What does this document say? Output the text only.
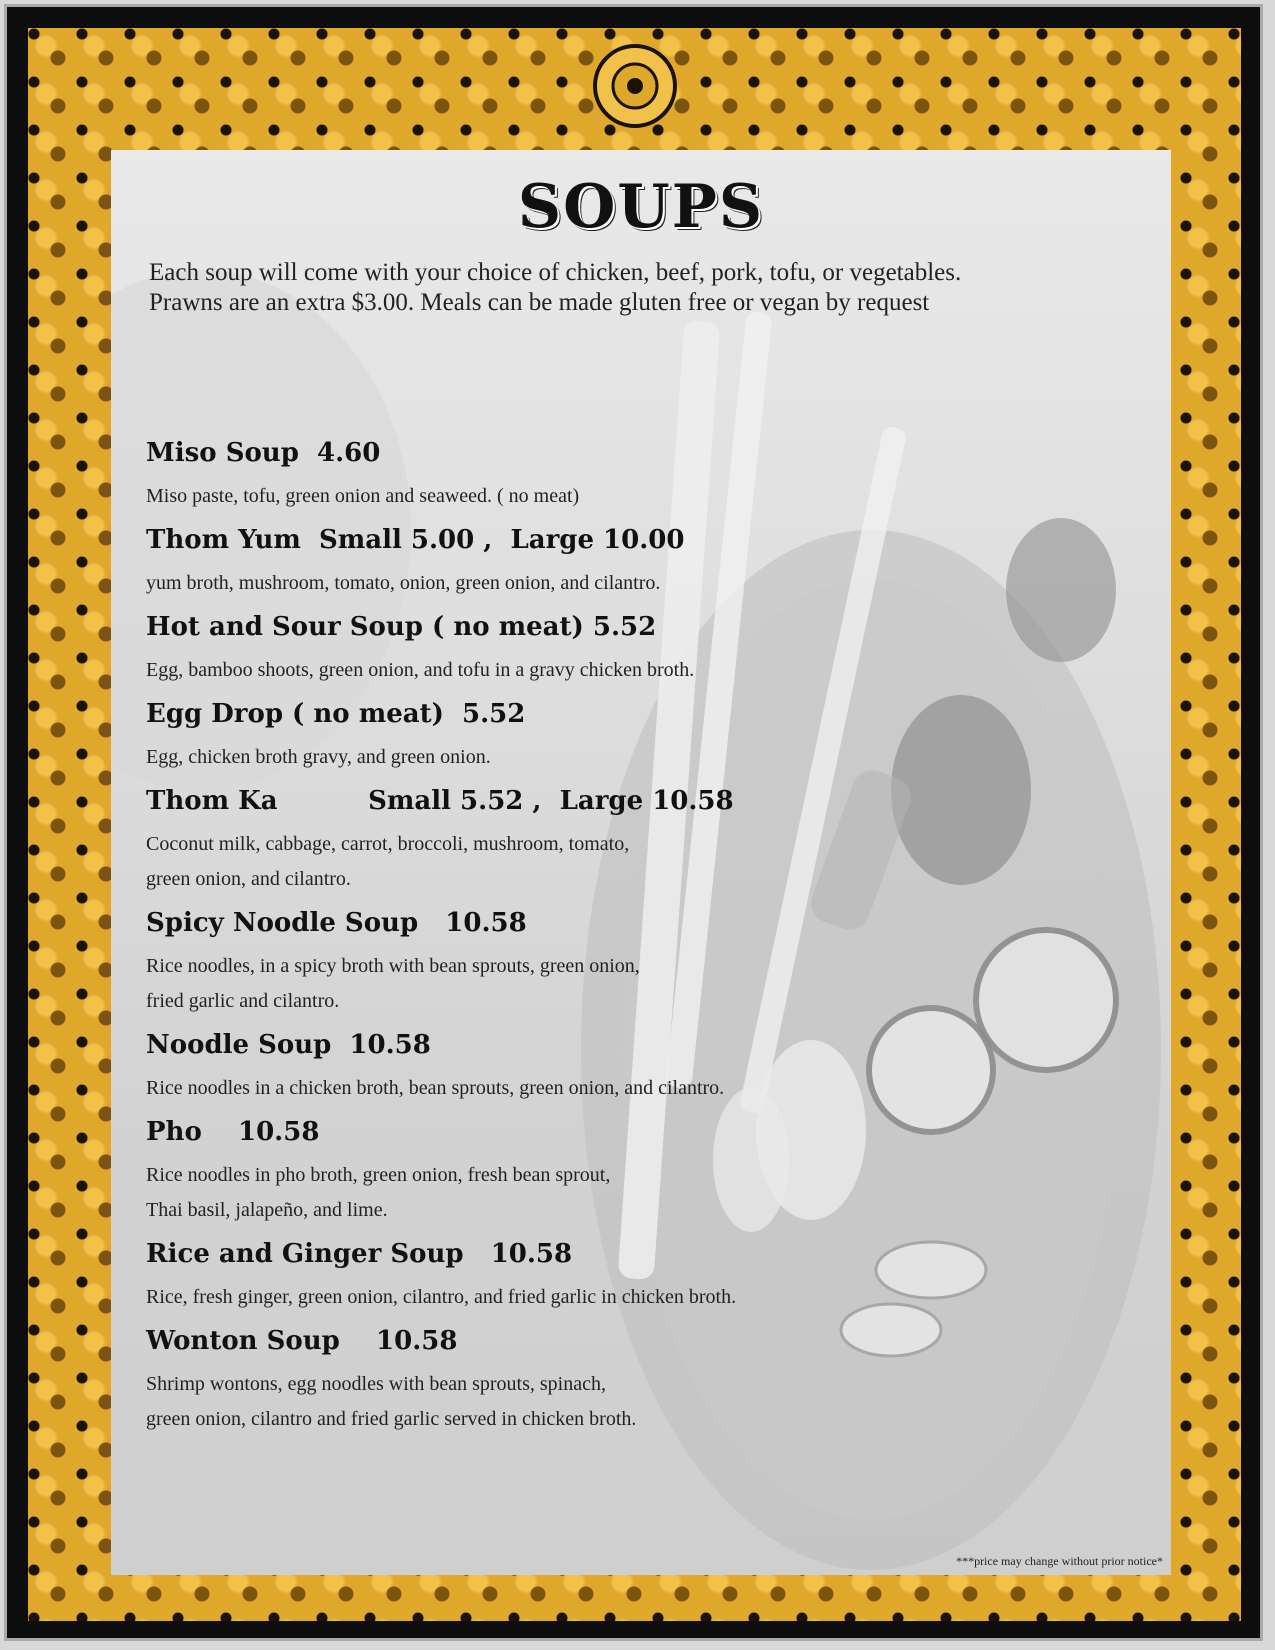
SOUPS
Each soup will come with your choice of chicken, beef, pork, tofu, or vegetables.
Prawns are an extra $3.00. Meals can be made gluten free or vegan by request
Miso Soup  4.60
Miso paste, tofu, green onion and seaweed. ( no meat)
Thom Yum  Small 5.00 ,  Large 10.00
yum broth, mushroom, tomato, onion, green onion, and cilantro.
Hot and Sour Soup ( no meat) 5.52
Egg, bamboo shoots, green onion, and tofu in a gravy chicken broth.
Egg Drop ( no meat)  5.52
Egg, chicken broth gravy, and green onion.
Thom Ka          Small 5.52 ,  Large 10.58
Coconut milk, cabbage, carrot, broccoli, mushroom, tomato,
green onion, and cilantro.
Spicy Noodle Soup   10.58
Rice noodles, in a spicy broth with bean sprouts, green onion,
fried garlic and cilantro.
Noodle Soup  10.58
Rice noodles in a chicken broth, bean sprouts, green onion, and cilantro.
Pho    10.58
Rice noodles in pho broth, green onion, fresh bean sprout,
Thai basil, jalapeño, and lime.
Rice and Ginger Soup   10.58
Rice, fresh ginger, green onion, cilantro, and fried garlic in chicken broth.
Wonton Soup    10.58
Shrimp wontons, egg noodles with bean sprouts, spinach,
green onion, cilantro and fried garlic served in chicken broth.
***price may change without prior notice*
